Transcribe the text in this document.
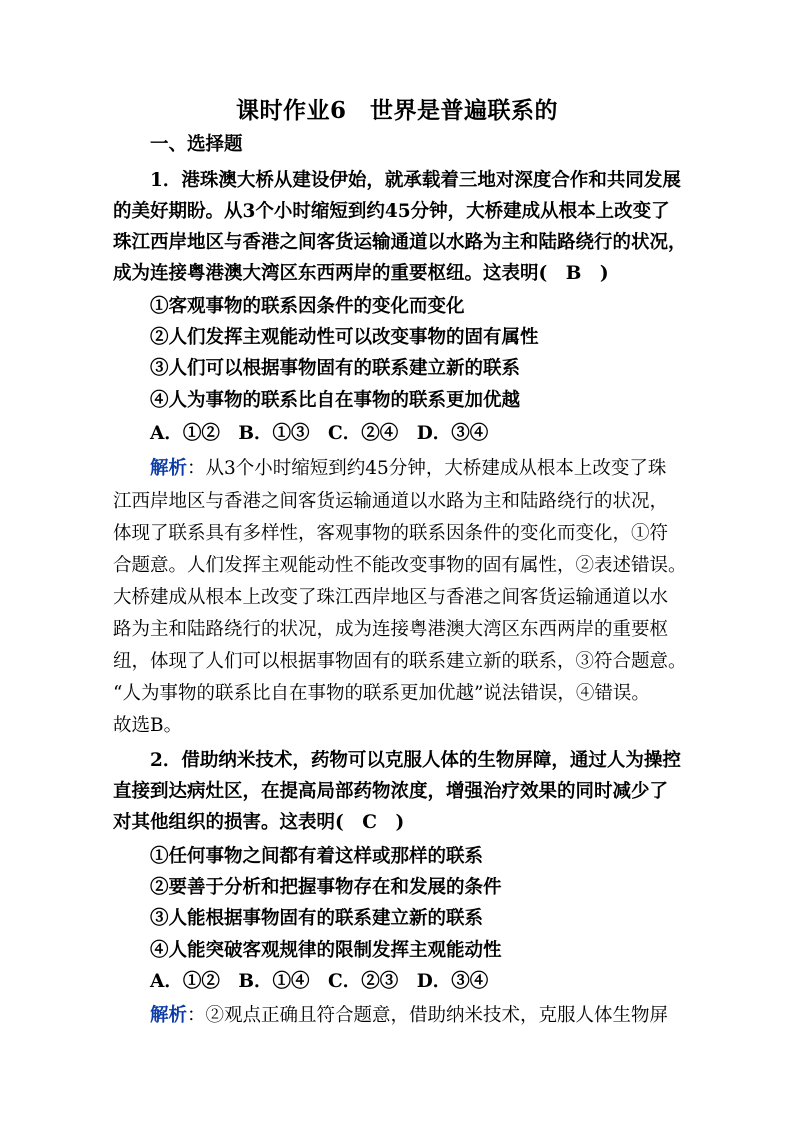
课时作业6　世界是普遍联系的
一、选择题
1．港珠澳大桥从建设伊始，就承载着三地对深度合作和共同发展
的美好期盼。从3个小时缩短到约45分钟，大桥建成从根本上改变了
珠江西岸地区与香港之间客货运输通道以水路为主和陆路绕行的状况，
成为连接粤港澳大湾区东西两岸的重要枢纽。这表明(　B　)
①客观事物的联系因条件的变化而变化
②人们发挥主观能动性可以改变事物的固有属性
③人们可以根据事物固有的联系建立新的联系
④人为事物的联系比自在事物的联系更加优越
A．①②　B．①③　C．②④　D．③④
解析：从3个小时缩短到约45分钟，大桥建成从根本上改变了珠
江西岸地区与香港之间客货运输通道以水路为主和陆路绕行的状况，
体现了联系具有多样性，客观事物的联系因条件的变化而变化，①符
合题意。人们发挥主观能动性不能改变事物的固有属性，②表述错误。
大桥建成从根本上改变了珠江西岸地区与香港之间客货运输通道以水
路为主和陆路绕行的状况，成为连接粤港澳大湾区东西两岸的重要枢
纽，体现了人们可以根据事物固有的联系建立新的联系，③符合题意。
“人为事物的联系比自在事物的联系更加优越”说法错误，④错误。
故选B。
2．借助纳米技术，药物可以克服人体的生物屏障，通过人为操控
直接到达病灶区，在提高局部药物浓度，增强治疗效果的同时减少了
对其他组织的损害。这表明(　C　)
①任何事物之间都有着这样或那样的联系
②要善于分析和把握事物存在和发展的条件
③人能根据事物固有的联系建立新的联系
④人能突破客观规律的限制发挥主观能动性
A．①②　B．①④　C．②③　D．③④
解析：②观点正确且符合题意，借助纳米技术，克服人体生物屏
